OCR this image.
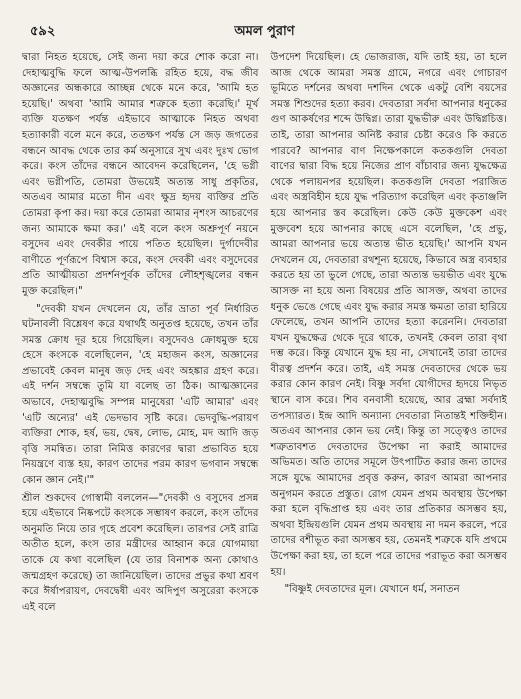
৫৯২	অমল পুরাণ

দ্বারা নিহত হয়েছে, সেই জন্য দয়া করে শোক করো না। দেহাত্মবুদ্ধি ফলে আত্ম-উপলব্ধি রহিত হয়ে, বদ্ধ জীব অজ্ঞানের অন্ধকারে আচ্ছন্ন থেকে মনে করে, 'আমি হত হয়েছি।' অথবা 'আমি আমার শত্রুকে হত্যা করেছি।' মূর্খ ব্যক্তি যতক্ষণ পর্যন্ত এইভাবে আত্মাকে নিহত অথবা হত্যাকারী বলে মনে করে, ততক্ষণ পর্যন্ত সে জড় জগতের বন্ধনে আবদ্ধ থেকে তার কর্ম অনুসারে সুখ এবং দুঃখ ভোগ করে। কংস তাঁদের বন্ধনে আবেদন করেছিলেন, 'হে ভগ্নী এবং ভগ্নীপতি, তোমরা উভয়েই অত্যন্ত সাধু প্রকৃতির, অতএব আমার মতো দীন এবং ক্ষুদ্র হৃদয় ব্যক্তির প্রতি তোমরা কৃপা কর। দয়া করে তোমরা আমার নৃশংস আচরণের জন্য আমাকে ক্ষমা কর।' এই বলে কংস অশ্রুপূর্ণ নয়নে বসুদেব এবং দেবকীর পায়ে পতিত হয়েছিল। দুর্গাদেবীর বাণীতে পূর্ণরূপে বিশ্বাস করে, কংস দেবকী এবং বসুদেবের প্রতি আত্মীয়তা প্রদর্শনপূর্বক তাঁদের লৌহশৃঙ্খলের বন্ধন মুক্ত করেছিল।"

"দেবকী যখন দেখলেন যে, তাঁর ভ্রাতা পূর্ব নির্ধারিত ঘটনাবলী বিশ্লেষণ করে যথার্থই অনুতপ্ত হয়েছে, তখন তাঁর সমস্ত ক্রোধ দূর হয়ে গিয়েছিল। বসুদেবও ক্রোধমুক্ত হয়ে হেসে কংসকে বলেছিলেন, 'হে মহাজন কংস, অজ্ঞানের প্রভাবেই কেবল মানুষ জড় দেহ এবং অহঙ্কার গ্রহণ করে। এই দর্শন সম্বন্ধে তুমি যা বলেছ তা ঠিক। আত্মজ্ঞানের অভাবে, দেহাত্মবুদ্ধি সম্পন্ন মানুষেরা 'এটি আমার' এবং 'এটি অন্যের' এই ভেদভাব সৃষ্টি করে। ভেদবুদ্ধি-পরায়ণ ব্যক্তিরা শোক, হর্ষ, ভয়, দ্বেষ, লোভ, মোহ, মদ আদি জড় বৃত্তি সমন্বিত। তারা নিমিত্ত কারণের দ্বারা প্রভাবিত হয়ে নিয়ন্ত্রণে ব্যস্ত হয়, কারণ তাদের পরম কারণ ভগবান সম্বন্ধে কোন জ্ঞান নেই।'"

শ্রীল শুকদেব গোস্বামী বললেন—"দেবকী ও বসুদেব প্রসন্ন হয়ে এইভাবে নিষ্কপটে কংসকে সম্ভাষণ করলে, কংস তাঁদের অনুমতি নিয়ে তার গৃহে প্রবেশ করেছিল। তারপর সেই রাত্রি অতীত হলে, কংস তার মন্ত্রীদের আহ্বান করে যোগমায়া তাকে যে কথা বলেছিল (যে তার বিনাশক অন্য কোথাও জন্মগ্রহণ করেছে) তা জানিয়েছিল। তাদের প্রভুর কথা শ্রবণ করে ঈর্ষাপরায়ণ, দেবদ্বেষী এবং অদিপুণ অসুরেরা কংসকে এই বলে

উপদেশ দিয়েছিল। হে ভোজরাজ, যদি তাই হয়, তা হলে আজ থেকে আমরা সমস্ত গ্রামে, নগরে এবং গোচারণ ভূমিতে দর্শনের অথবা দশদিন থেকে একটু বেশি বয়সের সমস্ত শিশুদের হত্যা করব। দেবতারা সর্বদা আপনার ধনুকের গুণ আকর্ষণের শব্দে উদ্বিগ্ন। তারা যুদ্ধভীরু এবং উদ্বিগ্নচিত্ত। তাই, তারা আপনার অনিষ্ট করার চেষ্টা করেও কি করতে পারবে? আপনার বাণ নিক্ষেপকালে কতকগুলি দেবতা বাণের দ্বারা বিদ্ধ হয়ে নিজের প্রাণ বাঁচাবার জন্য যুদ্ধক্ষেত্র থেকে পলায়নপর হয়েছিল। কতকগুলি দেবতা পরাজিত এবং অস্ত্রবিহীন হয়ে যুদ্ধ পরিত্যাগ করেছিল এবং কৃতাঞ্জলি হয়ে আপনার স্তব করেছিল। কেউ কেউ মুক্তকেশ এবং মুক্তবেশ হয়ে আপনার কাছে এসে বলেছিল, 'হে প্রভু, আমরা আপনার ভয়ে অত্যন্ত ভীত হয়েছি।' আপনি যখন দেখলেন যে, দেবতারা রথশূন্য হয়েছে, কিভাবে অস্ত্র ব্যবহার করতে হয় তা ভুলে গেছে, তারা অত্যন্ত ভয়ভীত এবং যুদ্ধে আসক্ত না হয়ে অন্য বিষয়ের প্রতি আসক্ত, অথবা তাদের ধনুক ভেঙে গেছে এবং যুদ্ধ করার সমস্ত ক্ষমতা তারা হারিয়ে ফেলেছে, তখন আপনি তাদের হত্যা করেননি। দেবতারা যখন যুদ্ধক্ষেত্র থেকে দূরে থাকে, তখনই কেবল তারা বৃথা দম্ভ করে। কিন্তু যেখানে যুদ্ধ হয় না, সেখানেই তারা তাদের বীরত্ব প্রদর্শন করে। তাই, এই সমস্ত দেবতাদের থেকে ভয় করার কোন কারণ নেই। বিষ্ণু সর্বদা যোগীদের হৃদয়ে নিভৃত স্থানে বাস করে। শিব বনবাসী হয়েছে, আর ব্রহ্মা সর্বদাই তপস্যারত। ইন্দ্র আদি অন্যান্য দেবতারা নিতান্তই শক্তিহীন। অতএব আপনার কোন ভয় নেই। কিন্তু তা সত্ত্বেও তাদের শত্রুতাবশত দেবতাদের উপেক্ষা না করাই আমাদের অভিমত। অতি তাদের সমূলে উৎপাটিত করার জন্য তাদের সঙ্গে যুদ্ধে আমাদের প্রবৃত্ত করুন, কারণ আমরা আপনার অনুগমন করতে প্রস্তুত। রোগ যেমন প্রথম অবস্থায় উপেক্ষা করা হলে বৃদ্ধিপ্রাপ্ত হয় এবং তার প্রতিকার অসম্ভব হয়, অথবা ইন্দ্রিয়গুলি যেমন প্রথম অবস্থায় না দমন করলে, পরে তাদের বশীভূত করা অসম্ভব হয়, তেমনই শত্রুকে যদি প্রথমে উপেক্ষা করা হয়, তা হলে পরে তাদের পরাভূত করা অসম্ভব হয়।

"বিষ্ণুই দেবতাদের মূল। যেখানে ধর্ম, সনাতন
